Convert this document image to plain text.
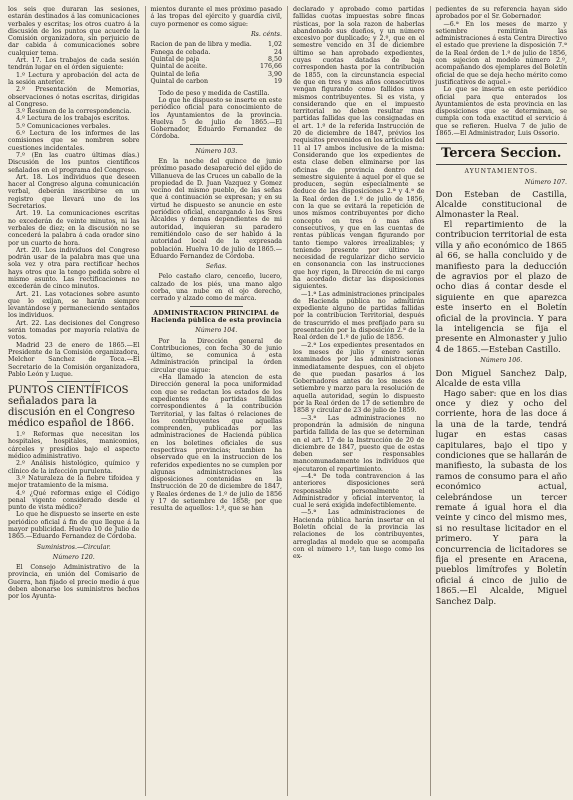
los seis que duraran las sesiones, estarán destinados á las comunicaciones verbales y escritas; los otros cuatro á la discusión de los puntos que acuerde la Comisión organizadora, sin perjuicio de dar cabida á comunicaciones sobre cualquier tema.

Art. 17. Los trabajos de cada sesión tendrán lugar en el órden siguiente:

1.º Lectura y aprobación del acta de la sesión anterior.

2.º Presentación de Memorias, observaciones ó notas escritas, dirigidas al Congreso.

3.º Resúmen de la correspondencia.

4.º Lectura de los trabajos escritos.

5.º Comunicaciones verbales.

6.º Lectura de los informes de las comisiones que se nombren sobre cuestiones incidentales.

7.º (En las cuatro últimas días.) Discusión de los puntos científicos señalados en el programa del Congreso.

Art. 18. Los individuos que deseen hacer al Congreso alguna comunicación verbal, deberán inscribirse en un registro que llevará uno de los Secretarios.

Art. 19. La comunicaciones escritas no excederán de veinte minutos, ni las verbales de diez; en la discusión no se concederá la palabra á cada orador sino por un cuarto de hora.

Art. 20. Los individuos del Congreso podrán usar de la palabra mas que una sola vez y otra para rectificar hechos hays otros que la tengo pedida sobre el mismo asunto. Las rectificaciones no excederán de cinco minutos.

Art. 21. Las votaciones sobre asunto que lo exijan, se harán siempre levantándose y permaneciendo sentados los individuos.

Art. 22. Las decisiones del Congreso serán tomadas por mayoría relativa de votos.

Madrid 23 de enero de 1865.—El Presidente de la Comisión organizadora, Melchor Sanchez de Toca.—El Secretario de la Comisión organizadora, Pablo León y Luque.

PUNTOS CIENTÍFICOS señalados para la discusión en el Congreso médico español de 1866.

1.º Reformas que necesitan los hospitales, hospitales, manicomios, cárceles y presidios bajo el aspecto médico administrativo.

2.º Análisis histológico, químico y clínico de la infección purulenta.

3.º Naturaleza de la fiebre tifoidea y mejor tratamiento de la misma.

4.º ¿Qué reformas exige el Código penal vigente considerado desde el punto de vista médico?

Lo que he dispuesto se inserte en este periódico oficial á fin de que llegue á la mayor publicidad. Huelva 10 de Julio de 1865.—Eduardo Fernandez de Córdoba.

Suministros.—Circular.

Número 120.

El Consejo Administrativo de la provincia, en unión del Comisario de Guerra, han fijado el precio medio á que deben abonarse los suministros hechos por los Ayunta-

mientos durante el mes próximo pasado á las tropas del ejército y guardia civil, cuyo pormenor es como sigue:

Rs. cénts.

Racion de pan de libra y media.	1,02
Fanega de cebada.	24
Quintal de paja	8,50
Quintal de aceite.	176,66
Quintal de leña	3,90
Quintal de carbon	19

Todo de peso y medida de Castilla.

Lo que he dispuesto se inserte en este periódico oficial para conocimiento de los Ayuntamientos de la provincia. Huelva 5 de julio de 1865.—El Gobernador, Eduardo Fernandez de Córdoba.

Número 103.

En la noche del quince de junio próximo pasado desapareció del ejido de Villanueva de las Cruces un caballo de la propiedad de D. Juan Vazquez y Gomez vecino del mismo pueblo, de las señas que á continuación se expresan; y en su virtud he dispuesto se anuncie en este periódico oficial, encargando á los Sres Alcaldes y demas dependientes de mi autoridad, inquieran su paradero remitiéndolo caso de ser habido á la autoridad local de la expresada población. Huelva 10 de julio de 1865.—Eduardo Fernandez de Córdoba.

Señas.

Pelo castaño claro, cenceño, lucero, calzado de los piés, una mano algo corba, una nube en el ojo derecho, cerrado y alzado como de marca.

ADMINISTRACION PRINCIPAL de Hacienda pública de esta provincia

Número 104.

Por la Dirección general de Contribuciones, con fecha 30 de junio último, se comunica á esta Administración principal la órden circular que sigue:

«Ha llamado la atencion de esta Dirección general la poca uniformidad con que se redactan los estados de los expedientes de partidas fallidas correspondientes á la contribución Territorial, y las faltas ó relaciones de los contribuyentes que aquellas comprenden, publicadas por las administraciones de Hacienda pública en los boletines oficiales de sus respectivas provincias; tambien ha observado que en la instruccion de los referidos expedientes no se cumplen por algunas administraciones las disposiciones contenidas en la Instrucción de 20 de diciembre de 1847, y Reales órdenes de 1.º de julio de 1856 y 17 de setiembre de 1858; por que resulta de aquellos: 1.º, que se han

declarado y aprobado como partidas fallidas cuotas impuestas sobre fincas rústicas, por la sola razon de haberlas abandonado sus dueños, y un número excesivo por duplicado; y 2.º, que en el semestre vencido en 31 de diciembre último se han aprobado expedientes, cuyas cuotas datadas de baja corresponden hasta por la contribucion de 1855, con la circunstancia especial de que en tres y mas años consecutivos vengan figurando como fallidos unos mismos contribuyentes. Si es vista, y considerando que en el impuesto territorial no deben resultar mas partidas fallidas que las consignadas en el art. 1.º de la referida Instrucción de 20 de diciembre de 1847, prévios los requisitos prevenidos en los artículos del 11 al 17 ambos inclusive de la misma: Considerando que los expedientes de esta clase deben eliminarse por las oficinas de provincia dentro del semestre siguiente á aquel por el que se producen, según especialmente se deduce de las disposiciones 2.ª y 4.ª de la Real órden de 1.º de julio de 1856, con la que se evitará la repetición de unos mismos contribuyentes por dicho concepto en tres ó mas años consecutivos, y que en las cuentas de rentas públicas vengan figurando por tanto tiempo valores irrealizables; y teniendo presente por último la necesidad de regularizar dicho servicio en consonancia con las instrucciones que hoy rigen, la Dirección de mi cargo ha acordado dictar las disposiciones siguientes.

—1.ª Las administraciones principales de Hacienda pública no admitirán expediente alguno de partidas fallidas por la contribucion Territorial, después de trascurrido el mes prefijado para su presentación por la disposición 2.ª de la Real órden de 1.º de julio de 1856.

—2.ª Los expedientes presentados en los meses de julio y enero serán examinados por las administraciones inmediatamente despues, con el objeto de que puedan pasarlos á los Gobernadores antes de los meses de setiembre y marzo para la resolución de aquella autoridad, según lo dispuesto por la Real órden de 17 de setiembre de 1858 y circular de 23 de julio de 1859.

—3.ª Las administraciones no propondrán la admisión de ninguna partida fallida de las que se determinan en el art. 17 de la Instrucción de 20 de diciembre de 1847, puesto que de estas deben ser responsables mancomunadamente los individuos que ejecutaron el repartimiento.

—4.ª De toda contravencion á las anteriores disposiciones será responsable personalmente el Administrador y oficial interventor, la cual le será exigida indefectiblemente.

—5.ª Las administraciones de Hacienda pública harán insertar en el Boletín oficial de la provincia las relaciones de los contribuyentes, arregladas al modelo que se acompaña con el número 1.º, tan luego como los ex-

pedientes de su referencia hayan sido aprobados por el Sr. Gobernador.

—6.ª En los meses de marzo y setiembre remitirán las administraciones á esta Centra Directivo el estado que previene la disposición 7.ª de la Real órden de 1.º de julio de 1856, con sujecion al modelo número 2.º, acompañando dos ejemplares del Boletín oficial de que se deja hecho mérito como justificativos de aquel.»

Lo que se inserta en este periódico oficial para que enterados los Ayuntamientos de esta provincia en las disposiciones que se determinan, se cumpla con toda exactitud el servicio á que se refieren. Huelva 7 de julio de 1865.—El Administrador, Luis Ossorio.

Tercera Seccion.

AYUNTAMIENTOS.

Número 107.

Don Esteban de Castilla, Alcalde constitucional de Almonaster la Real.

El repartimiento de la contribucion territorial de esta villa y año económico de 1865 al 66, se halla concluido y de manifiesto para la deducción de agravios por el plazo de ocho dias á contar desde el siguiente en que aparezca este inserto en el Boletín oficial de la provincia. Y para la inteligencia se fija el presente en Almonaster y julio 4 de 1865.—Esteban Castillo.

Número 106.

Don Miguel Sanchez Dalp, Alcalde de esta villa

Hago saber: que en los dias once y diez y ocho del corriente, hora de las doce á la una de la tarde, tendrá lugar en estas casas capitulares, bajo el tipo y condiciones que se hallarán de manifiesto, la subasta de los ramos de consumo para el año económico actual, celebrándose un tercer remate á igual hora el dia veinte y cinco del mismo mes, si no resultase licitador en el primero. Y para la concurrencia de licitadores se fija el presente en Aracena, pueblos limítrofes y Boletín oficial á cinco de julio de 1865.—El Alcalde, Miguel Sanchez Dalp.
